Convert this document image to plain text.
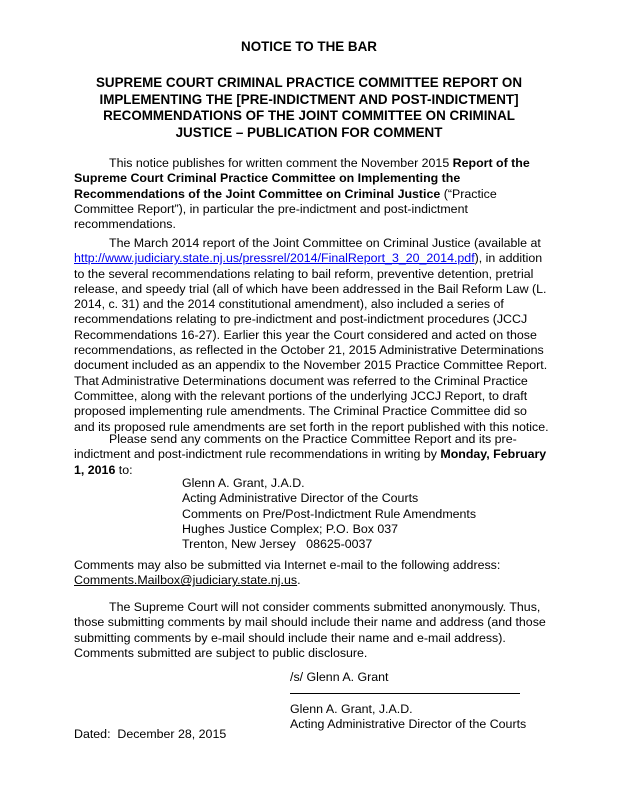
NOTICE TO THE BAR
SUPREME COURT CRIMINAL PRACTICE COMMITTEE REPORT ON IMPLEMENTING THE [PRE-INDICTMENT AND POST-INDICTMENT] RECOMMENDATIONS OF THE JOINT COMMITTEE ON CRIMINAL JUSTICE – PUBLICATION FOR COMMENT

This notice publishes for written comment the November 2015 Report of the Supreme Court Criminal Practice Committee on Implementing the Recommendations of the Joint Committee on Criminal Justice (“Practice Committee Report”), in particular the pre-indictment and post-indictment recommendations.

The March 2014 report of the Joint Committee on Criminal Justice (available at http://www.judiciary.state.nj.us/pressrel/2014/FinalReport_3_20_2014.pdf), in addition to the several recommendations relating to bail reform, preventive detention, pretrial release, and speedy trial (all of which have been addressed in the Bail Reform Law (L. 2014, c. 31) and the 2014 constitutional amendment), also included a series of recommendations relating to pre-indictment and post-indictment procedures (JCCJ Recommendations 16-27). Earlier this year the Court considered and acted on those recommendations, as reflected in the October 21, 2015 Administrative Determinations document included as an appendix to the November 2015 Practice Committee Report. That Administrative Determinations document was referred to the Criminal Practice Committee, along with the relevant portions of the underlying JCCJ Report, to draft proposed implementing rule amendments. The Criminal Practice Committee did so and its proposed rule amendments are set forth in the report published with this notice.

Please send any comments on the Practice Committee Report and its pre-indictment and post-indictment rule recommendations in writing by Monday, February 1, 2016 to:

Glenn A. Grant, J.A.D.
Acting Administrative Director of the Courts
Comments on Pre/Post-Indictment Rule Amendments
Hughes Justice Complex; P.O. Box 037
Trenton, New Jersey   08625-0037

Comments may also be submitted via Internet e-mail to the following address: Comments.Mailbox@judiciary.state.nj.us.

The Supreme Court will not consider comments submitted anonymously. Thus, those submitting comments by mail should include their name and address (and those submitting comments by e-mail should include their name and e-mail address). Comments submitted are subject to public disclosure.

/s/ Glenn A. Grant
Glenn A. Grant, J.A.D.
Acting Administrative Director of the Courts
Dated:  December 28, 2015
